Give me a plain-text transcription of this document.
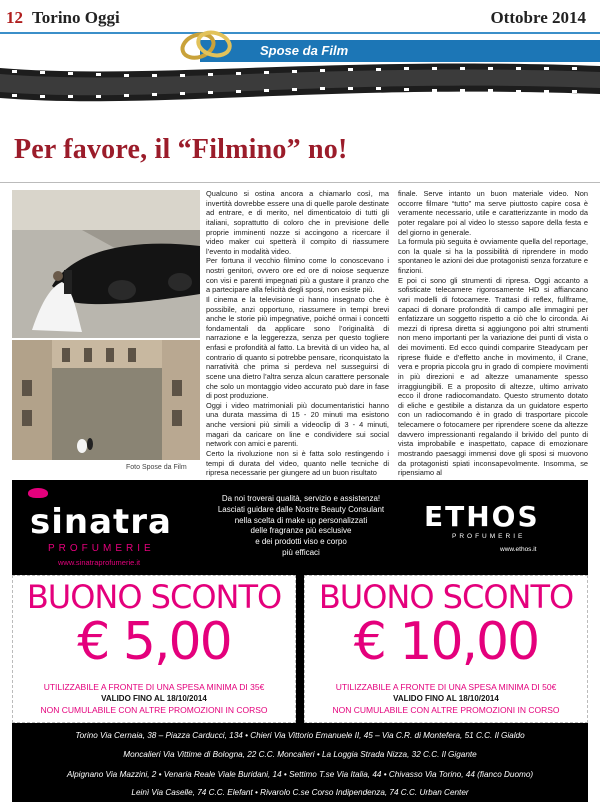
12 Torino Oggi	Ottobre 2014
Spose da Film
Per favore, il “Filmino” no!
Foto Spose da Film

Qualcuno si ostina ancora a chiamarlo così, ma invertità dovrebbe essere una di quelle parole destinate ad entrare, e di merito, nel dimenticatoio di tutti gli italiani, soprattutto di coloro che in previsione delle proprie imminenti nozze si accingono a ricercare il video maker cui spetterà il compito di riassumere l’evento in modalità video.
Per fortuna il vecchio filmino come lo conoscevano i nostri genitori, ovvero ore ed ore di noiose sequenze con visi e parenti impegnati più a gustare il pranzo che a partecipare alla felicità degli sposi, non esiste più.
Il cinema e la televisione ci hanno insegnato che è possibile, anzi opportuno, riassumere in tempi brevi anche le storie più impegnative, poiché ormai i concetti fondamentali da applicare sono l’originalità di narrazione e la leggerezza, senza per questo togliere enfasi e profondità al fatto. La brevità di un video ha, al contrario di quanto si potrebbe pensare, riconquistato la narratività che prima si perdeva nel susseguirsi di scene una dietro l’altra senza alcun carattere personale che solo un montaggio video accurato può dare in fase di post produzione.
Oggi i video matrimoniali più documentaristici hanno una durata massima di 15 - 20 minuti ma esistono anche versioni più simili a videoclip di 3 - 4 minuti, magari da caricare on line e condividere sui social network con amici e parenti.
Certo la rivoluzione non si è fatta solo restingendo i tempi di durata del video, quanto nelle tecniche di ripresa necessarie per giungere ad un buon risultato

finale. Serve intanto un buon materiale video. Non occorre filmare “tutto” ma serve piuttosto capire cosa è veramente necessario, utile e caratterizzante in modo da poter regalare poi al video lo stesso sapore della festa e del giorno in generale.
La formula più seguita è ovviamente quella del reportage, con la quale si ha la possibilità di riprendere in modo spontaneo le azioni dei due protagonisti senza forzature e finzioni.
E poi ci sono gli strumenti di ripresa. Oggi accanto a sofisticate telecamere rigorosamente HD si affiancano vari modelli di fotocamere. Trattasi di reflex, fullframe, capaci di donare profondità di campo alle immagini per enfatizzare un soggetto rispetto a ciò che lo circonda. Ai mezzi di ripresa diretta si aggiungono poi altri strumenti non meno importanti per la variazione dei punti di vista o dei movimenti. Ed ecco quindi comparire Steadycam per riprese fluide e d’effetto anche in movimento, il Crane, vera e propria piccola gru in grado di compiere movimenti in più direzioni e ad altezze umanamente spesso irraggiungibili. E a proposito di altezze, ultimo arrivato ecco il drone radiocomandato. Questo strumento dotato di eliche e gestibile a distanza da un guidatore esperto con un radiocomando è in grado di trasportare piccole telecamere o fotocamere per riprendere scene da altezze davvero impressionanti regalando il brivido del punto di vista improbabile e inaspettato, capace di emozionare mostrando paesaggi immensi dove gli sposi si muovono da protagonisti spiati inconsapevolmente. Insomma, se ripensiamo al

sinatra
PROFUMERIE
www.sinatraprofumerie.it
Da noi troverai qualità, servizio e assistenza!
Lasciati guidare dalle Nostre Beauty Consulant
nella scelta di make up personalizzati
delle fragranze più esclusive
e dei prodotti viso e corpo
più efficaci
ETHOS
PROFUMERIE
www.ethos.it
BUONO SCONTO
€ 5,00
UTILIZZABILE A FRONTE DI UNA SPESA MINIMA DI 35€
VALIDO FINO AL 18/10/2014
NON CUMULABILE CON ALTRE PROMOZIONI IN CORSO
BUONO SCONTO
€ 10,00
UTILIZZABILE A FRONTE DI UNA SPESA MINIMA DI 50€
VALIDO FINO AL 18/10/2014
NON CUMULABILE CON ALTRE PROMOZIONI IN CORSO
Torino Via Cernaia, 38 – Piazza Carducci, 134 • Chieri Via Vittorio Emanuele II, 45 – Via C.R. di Montefera, 51 C.C. Il Gialdo
Moncalieri Via Vittime di Bologna, 22 C.C. Moncalieri • La Loggia Strada Nizza, 32 C.C. Il Gigante
Alpignano Via Mazzini, 2 • Venaria Reale Viale Buridani, 14 • Settimo T.se Via Italia, 44 • Chivasso Via Torino, 44 (fianco Duomo)
Leinì Via Caselle, 74 C.C. Elefant • Rivarolo C.se Corso Indipendenza, 74 C.C. Urban Center
